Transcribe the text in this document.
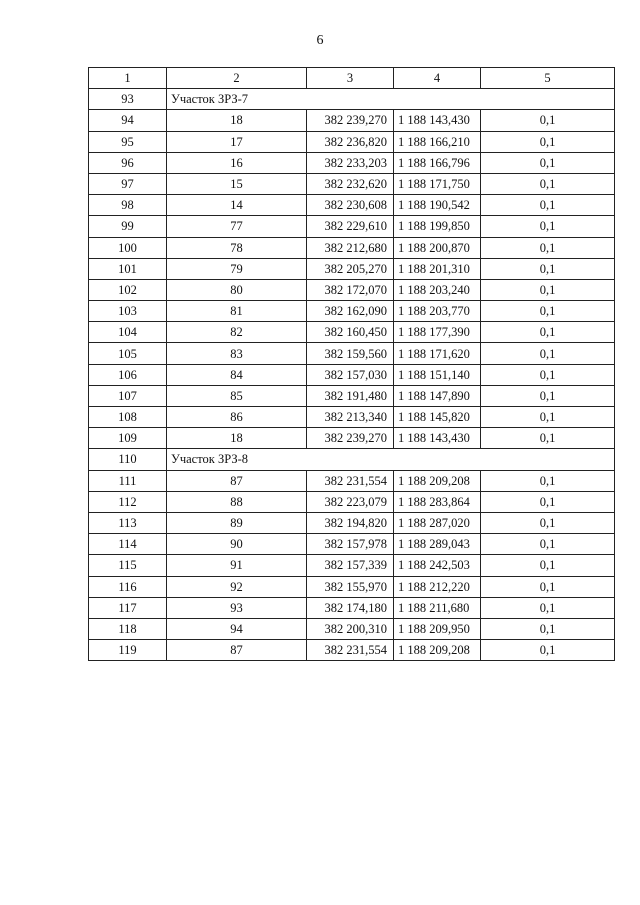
6
1	2	3	4	5
93	Участок ЗРЗ-7			
94	18	382 239,270	1 188 143,430	0,1
95	17	382 236,820	1 188 166,210	0,1
96	16	382 233,203	1 188 166,796	0,1
97	15	382 232,620	1 188 171,750	0,1
98	14	382 230,608	1 188 190,542	0,1
99	77	382 229,610	1 188 199,850	0,1
100	78	382 212,680	1 188 200,870	0,1
101	79	382 205,270	1 188 201,310	0,1
102	80	382 172,070	1 188 203,240	0,1
103	81	382 162,090	1 188 203,770	0,1
104	82	382 160,450	1 188 177,390	0,1
105	83	382 159,560	1 188 171,620	0,1
106	84	382 157,030	1 188 151,140	0,1
107	85	382 191,480	1 188 147,890	0,1
108	86	382 213,340	1 188 145,820	0,1
109	18	382 239,270	1 188 143,430	0,1
110	Участок ЗРЗ-8			
111	87	382 231,554	1 188 209,208	0,1
112	88	382 223,079	1 188 283,864	0,1
113	89	382 194,820	1 188 287,020	0,1
114	90	382 157,978	1 188 289,043	0,1
115	91	382 157,339	1 188 242,503	0,1
116	92	382 155,970	1 188 212,220	0,1
117	93	382 174,180	1 188 211,680	0,1
118	94	382 200,310	1 188 209,950	0,1
119	87	382 231,554	1 188 209,208	0,1
